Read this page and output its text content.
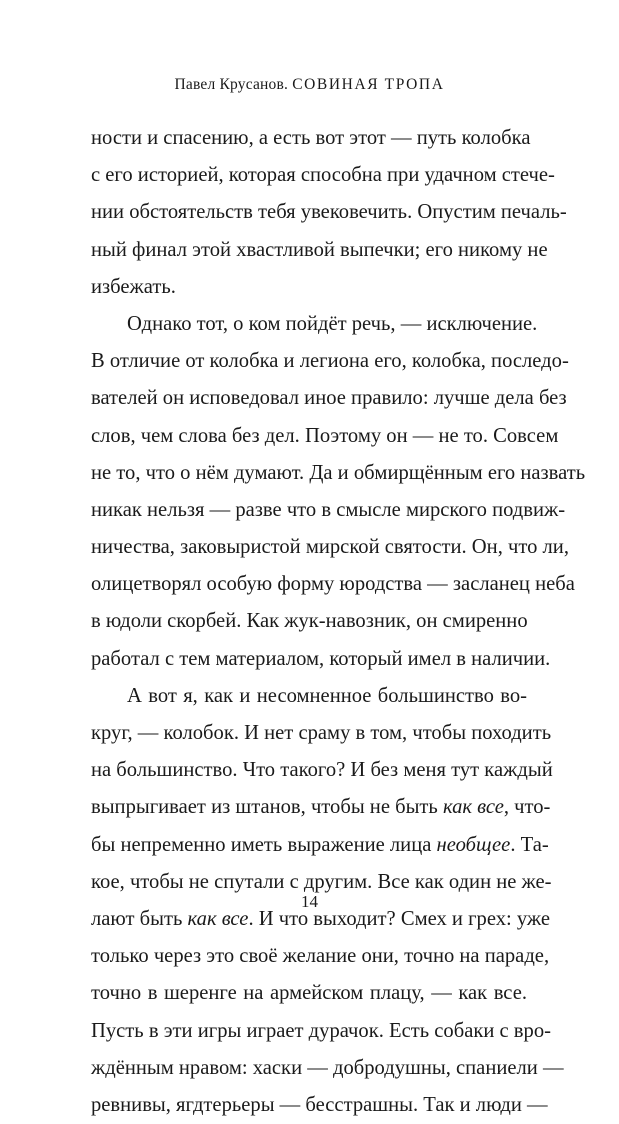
Павел Крусанов. СОВИНАЯ ТРОПА
ности и спасению, а есть вот этот — путь колобка
с его историей, которая способна при удачном стече-
нии обстоятельств тебя увековечить. Опустим печаль-
ный финал этой хвастливой выпечки; его никому не
избежать.
Однако тот, о ком пойдёт речь, — исключение.
В отличие от колобка и легиона его, колобка, последо-
вателей он исповедовал иное правило: лучше дела без
слов, чем слова без дел. Поэтому он — не то. Совсем
не то, что о нём думают. Да и обмирщённым его назвать
никак нельзя — разве что в смысле мирского подвиж-
ничества, заковыристой мирской святости. Он, что ли,
олицетворял особую форму юродства — засланец неба
в юдоли скорбей. Как жук-навозник, он смиренно
работал с тем материалом, который имел в наличии.
А вот я, как и несомненное большинство во-
круг, — колобок. И нет сраму в том, чтобы походить
на большинство. Что такого? И без меня тут каждый
выпрыгивает из штанов, чтобы не быть как все, что-
бы непременно иметь выражение лица необщее. Та-
кое, чтобы не спутали с другим. Все как один не же-
лают быть как все. И что выходит? Смех и грех: уже
только через это своё желание они, точно на параде,
точно в шеренге на армейском плацу, — как все.
Пусть в эти игры играет дурачок. Есть собаки с вро-
ждённым нравом: хаски — добродушны, спаниели —
ревнивы, ягдтерьеры — бесстрашны. Так и люди —
14
